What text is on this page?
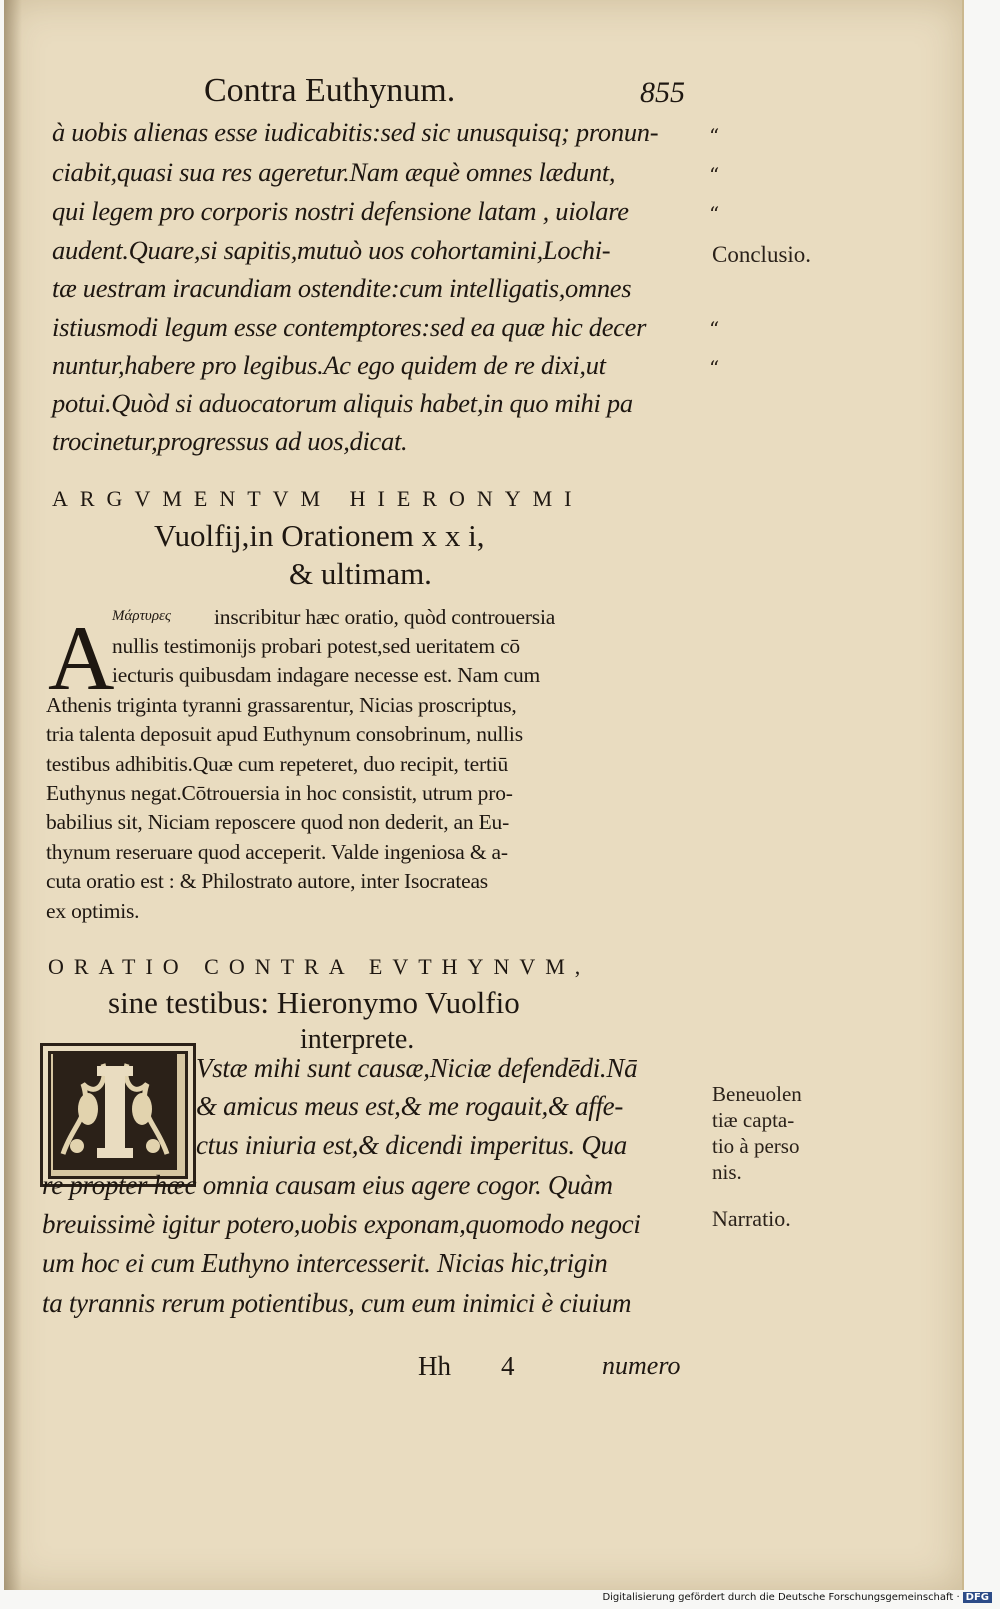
Contra Euthynum.	855
à uobis alienas esse iudicabitis:sed sic unusquisq; pronun-
ciabit,quasi sua res ageretur.Nam æquè omnes lædunt,
qui legem pro corporis nostri defensione latam , uiolare
audent.Quare,si sapitis,mutuò uos cohortamini,Lochi-
tæ uestram iracundiam ostendite:cum intelligatis,omnes
istiusmodi legum esse contemptores:sed ea quæ hic decer
nuntur,habere pro legibus.Ac ego quidem de re dixi,ut
potui.Quòd si aduocatorum aliquis habet,in quo mihi pa
trocinetur,progressus ad uos,dicat.
“
“
“
“
“
Conclusio.
ARGVMENTVM HIERONYMI
Vuolfij,in Orationem x x i,
& ultimam.
A
Μάρτυρες inscribitur hæc oratio, quòd controuersia
nullis testimonijs probari potest,sed ueritatem cō
iecturis quibusdam indagare necesse est. Nam cum
Athenis triginta tyranni grassarentur, Nicias proscriptus,
tria talenta deposuit apud Euthynum consobrinum, nullis
testibus adhibitis.Quæ cum repeteret, duo recipit, tertiū
Euthynus negat.Cōtrouersia in hoc consistit, utrum pro-
babilius sit, Niciam reposcere quod non dederit, an Eu-
thynum reseruare quod acceperit. Valde ingeniosa & a-
cuta oratio est : & Philostrato autore, inter Isocrateas
ex optimis.
ORATIO CONTRA EVTHYNVM,
sine testibus: Hieronymo Vuolfio
interprete.
Vstæ mihi sunt causæ,Niciæ defendēdi.Nā
& amicus meus est,& me rogauit,& affe-
ctus iniuria est,& dicendi imperitus. Qua
re propter hæc omnia causam eius agere cogor. Quàm
breuissimè igitur potero,uobis exponam,quomodo negoci
um hoc ei cum Euthyno intercesserit. Nicias hic,trigin
ta tyrannis rerum potientibus, cum eum inimici è ciuium
Beneuolen
tiæ capta-
tio à perso
nis.
Narratio.
Hh 4	numero
Digitalisierung gefördert durch die Deutsche Forschungsgemeinschaft · DFG
